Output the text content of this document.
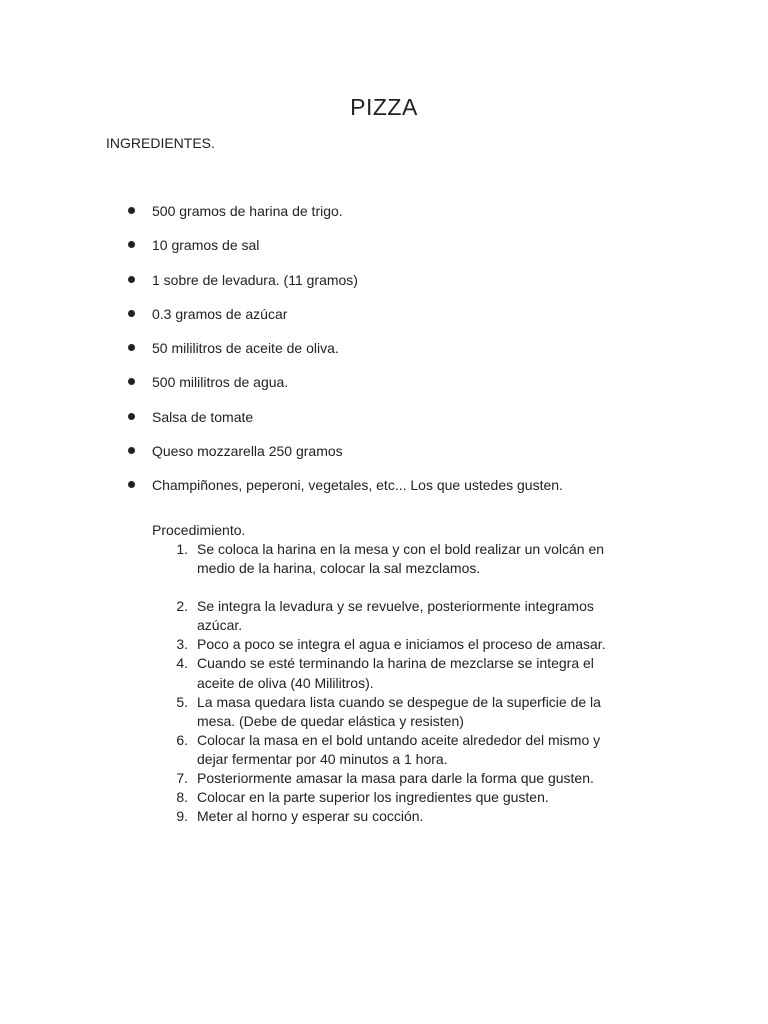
PIZZA
INGREDIENTES.
500 gramos de harina de trigo.
10 gramos de sal
1 sobre de levadura. (11 gramos)
0.3 gramos de azúcar
50 mililitros de aceite de oliva.
500 mililitros de agua.
Salsa de tomate
Queso mozzarella 250 gramos
Champiñones, peperoni, vegetales, etc... Los que ustedes gusten.
Procedimiento.
1. Se coloca la harina en la mesa y con el bold realizar un volcán en
medio de la harina, colocar la sal mezclamos.
2. Se integra la levadura y se revuelve, posteriormente integramos
azúcar.
3. Poco a poco se integra el agua e iniciamos el proceso de amasar.
4. Cuando se esté terminando la harina de mezclarse se integra el
aceite de oliva (40 Mililitros).
5. La masa quedara lista cuando se despegue de la superficie de la
mesa. (Debe de quedar elástica y resisten)
6. Colocar la masa en el bold untando aceite alrededor del mismo y
dejar fermentar por 40 minutos a 1 hora.
7. Posteriormente amasar la masa para darle la forma que gusten.
8. Colocar en la parte superior los ingredientes que gusten.
9. Meter al horno y esperar su cocción.
